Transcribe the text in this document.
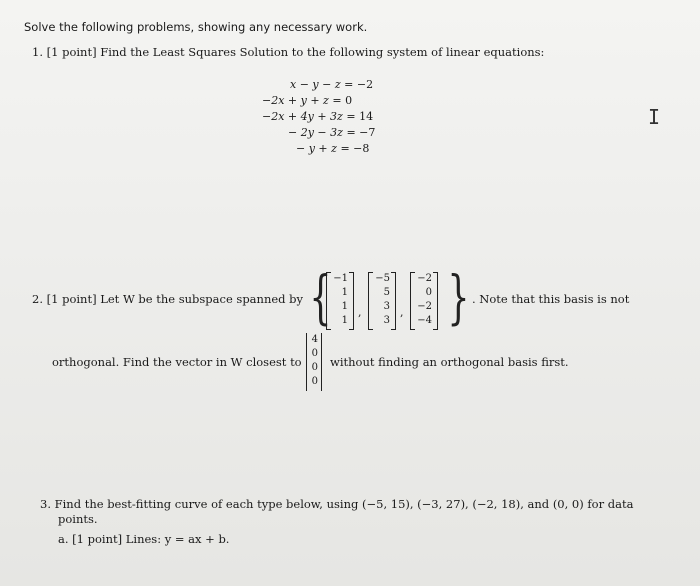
Solve the following problems, showing any necessary work.
1. [1 point] Find the Least Squares Solution to the following system of linear equations:
x − y − z = −2
−2x + y + z = 0
−2x + 4y + 3z = 14
− 2y − 3z = −7
− y + z = −8
I
2. [1 point] Let W be the subspace spanned by { −1
1
1
1
,
−5
5
3
3
,
−2
0
−2
−4 } . Note that this basis is not
orthogonal. Find the vector in W closest to
4
0
0
0
without finding an orthogonal basis first.
3. Find the best-fitting curve of each type below, using (−5, 15), (−3, 27), (−2, 18), and (0, 0) for data
points.
a. [1 point] Lines: y = ax + b.
